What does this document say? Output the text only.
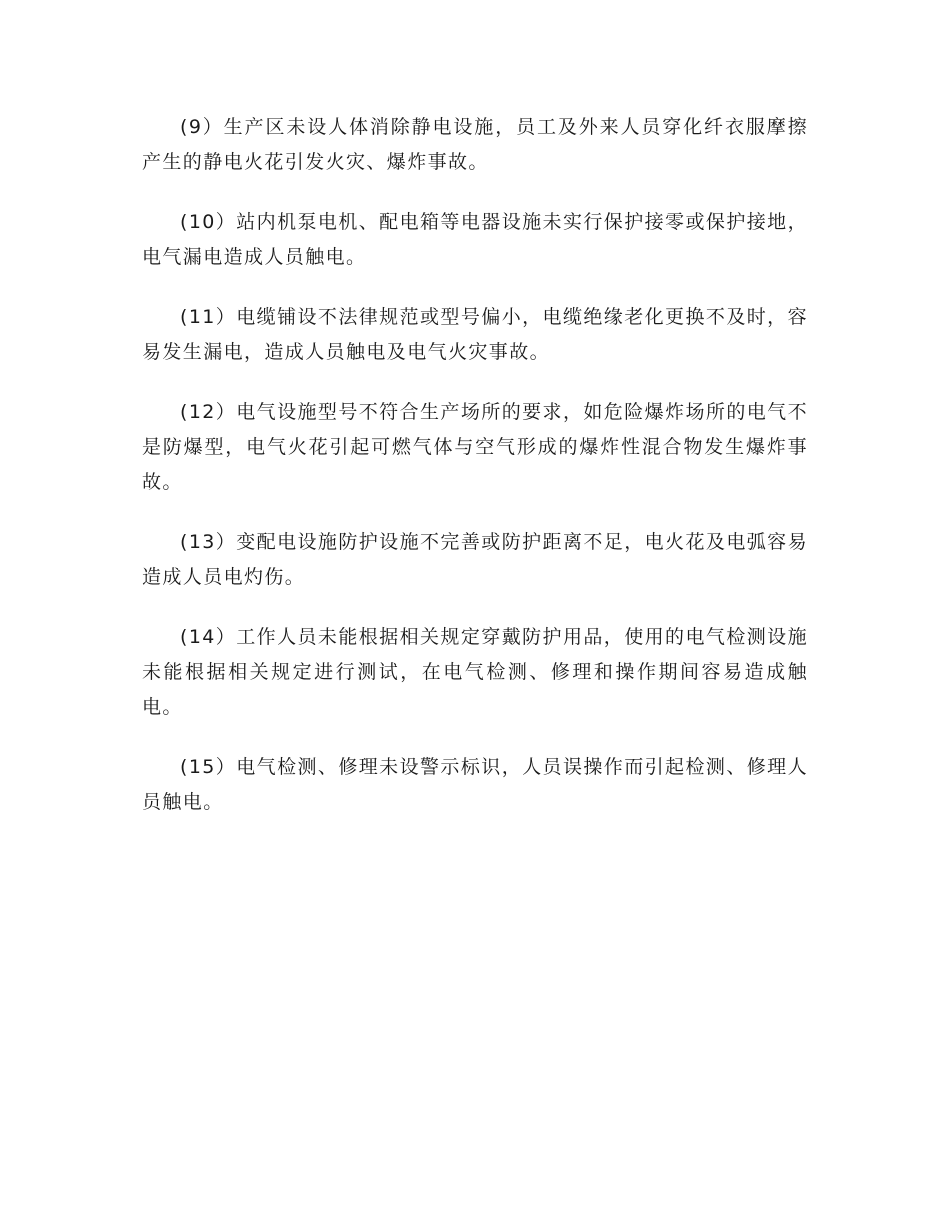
(9）生产区未设人体消除静电设施，员工及外来人员穿化纤衣服摩擦产生的静电火花引发火灾、爆炸事故。

(10）站内机泵电机、配电箱等电器设施未实行保护接零或保护接地，电气漏电造成人员触电。

(11）电缆铺设不法律规范或型号偏小，电缆绝缘老化更换不及时，容易发生漏电，造成人员触电及电气火灾事故。

(12）电气设施型号不符合生产场所的要求，如危险爆炸场所的电气不是防爆型，电气火花引起可燃气体与空气形成的爆炸性混合物发生爆炸事故。

(13）变配电设施防护设施不完善或防护距离不足，电火花及电弧容易造成人员电灼伤。

(14）工作人员未能根据相关规定穿戴防护用品，使用的电气检测设施未能根据相关规定进行测试，在电气检测、修理和操作期间容易造成触电。

(15）电气检测、修理未设警示标识，人员误操作而引起检测、修理人员触电。
